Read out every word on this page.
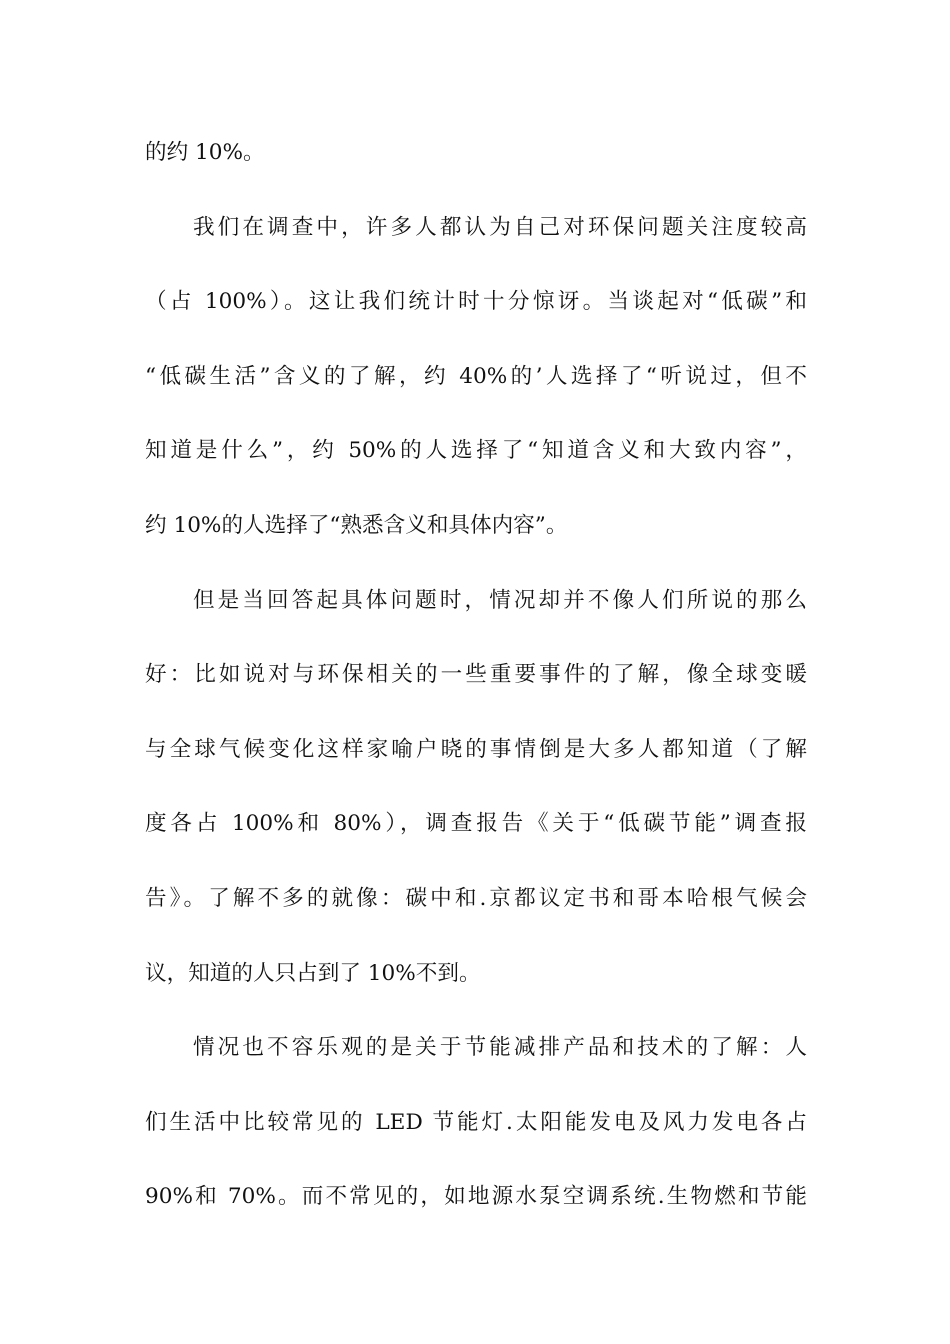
的约 10%。
我们在调查中，许多人都认为自己对环保问题关注度较高
（占 100%）。这让我们统计时十分惊讶。当谈起对“低碳”和
“低碳生活”含义的了解，约 40%的’人选择了“听说过，但不
知道是什么”，约 50%的人选择了“知道含义和大致内容”，
约 10%的人选择了“熟悉含义和具体内容”。
但是当回答起具体问题时，情况却并不像人们所说的那么
好：比如说对与环保相关的一些重要事件的了解，像全球变暖
与全球气候变化这样家喻户晓的事情倒是大多人都知道（了解
度各占 100%和 80%），调查报告《关于“低碳节能”调查报
告》。了解不多的就像：碳中和.京都议定书和哥本哈根气候会
议，知道的人只占到了 10%不到。
情况也不容乐观的是关于节能减排产品和技术的了解：人
们生活中比较常见的 LED 节能灯.太阳能发电及风力发电各占
90%和 70%。而不常见的，如地源水泵空调系统.生物燃和节能
